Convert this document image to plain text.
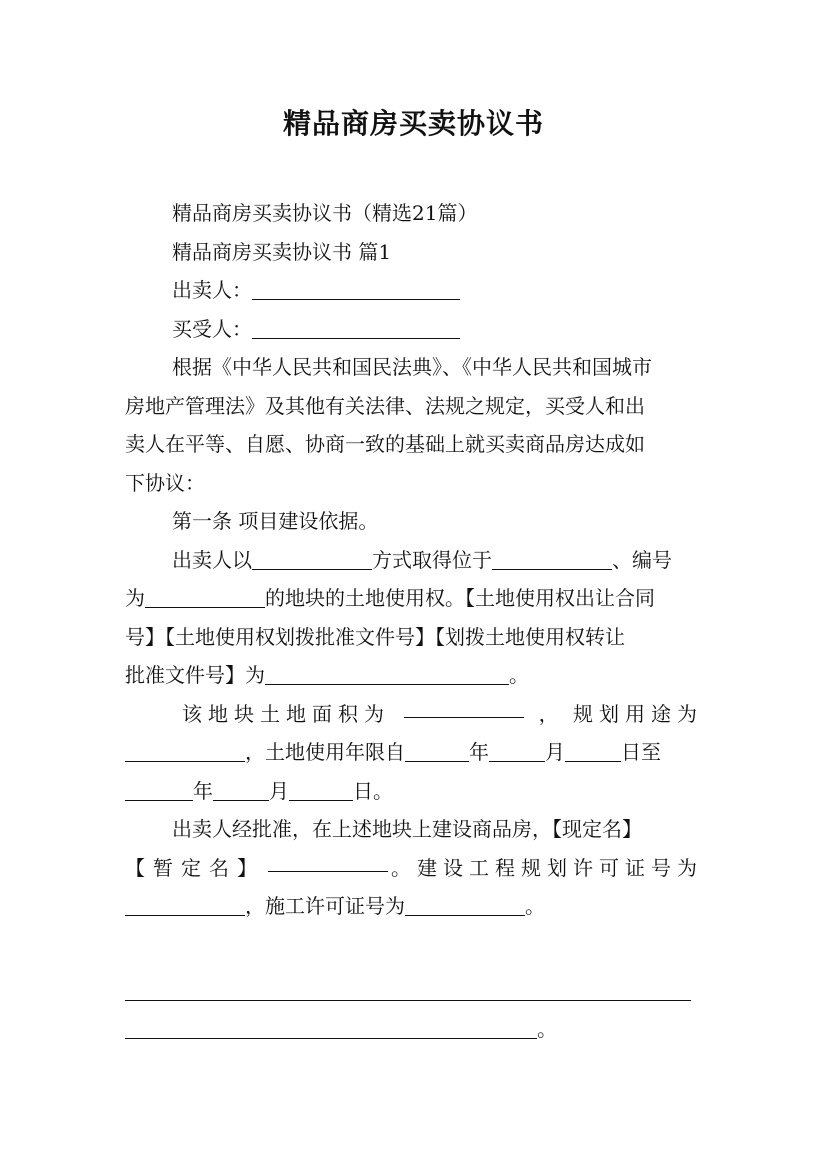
精品商房买卖协议书
精品商房买卖协议书（精选21篇）
精品商房买卖协议书 篇1
出卖人：
买受人：
根据《中华人民共和国民法典》、《中华人民共和国城市
房地产管理法》及其他有关法律、法规之规定，买受人和出
卖人在平等、自愿、协商一致的基础上就买卖商品房达成如
下协议：
第一条 项目建设依据。
出卖人以	方式取得位于	、编号
为	的地块的土地使用权。【土地使用权出让合同
号】【土地使用权划拨批准文件号】【划拨土地使用权转让
批准文件号】为	。
该地块土地面积为	， 规划用途为
，土地使用年限自	年	月	日至
年	月	日。
出卖人经批准，在上述地块上建设商品房，【现定名】
【暂定名】	。建设工程规划许可证号为
，施工许可证号为	。
。
